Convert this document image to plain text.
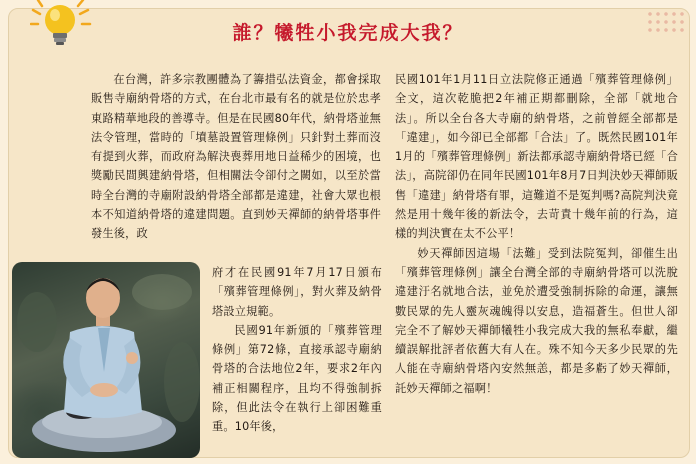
誰？犧牲小我完成大我？

在台灣，許多宗教團體為了籌措弘法資金，都會採取販售寺廟納骨塔的方式，在台北市最有名的就是位於忠孝東路精華地段的善導寺。但是在民國80年代，納骨塔並無法令管理，當時的「墳墓設置管理條例」只針對土葬而沒有提到火葬，而政府為解決喪葬用地日益稀少的困境，也獎勵民間興建納骨塔，但相關法令卻付之闕如，以至於當時全台灣的寺廟附設納骨塔全部都是違建，社會大眾也根本不知道納骨塔的違建問題。直到妙天禪師的納骨塔事件發生後，政

府才在民國91年7月17日頒布「殯葬管理條例」，對火葬及納骨塔設立規範。

民國91年新頒的「殯葬管理條例」第72條，直接承認寺廟納骨塔的合法地位2年，要求2年內補正相關程序，且均不得強制拆除，但此法令在執行上卻困難重重。10年後，

民國101年1月11日立法院修正通過「殯葬管理條例」全文，這次乾脆把2年補正期都刪除，全部「就地合法」。所以全台各大寺廟的納骨塔，之前曾經全部都是「違建」，如今卻已全部都「合法」了。既然民國101年1月的「殯葬管理條例」新法都承認寺廟納骨塔已經「合法」，高院卻仍在同年民國101年8月7日判決妙天禪師販售「違建」納骨塔有罪，這難道不是冤判嗎?高院判決竟然是用十幾年後的新法令，去苛責十幾年前的行為，這樣的判決實在太不公平！

妙天禪師因這場「法難」受到法院冤判，卻催生出「殯葬管理條例」讓全台灣全部的寺廟納骨塔可以洗脫違建汙名就地合法，並免於遭受強制拆除的命運，讓無數民眾的先人靈灰魂魄得以安息，造福蒼生。但世人卻完全不了解妙天禪師犧牲小我完成大我的無私奉獻，繼續誤解批評者依舊大有人在。殊不知今天多少民眾的先人能在寺廟納骨塔內安然無恙，都是多虧了妙天禪師，託妙天禪師之福啊！
